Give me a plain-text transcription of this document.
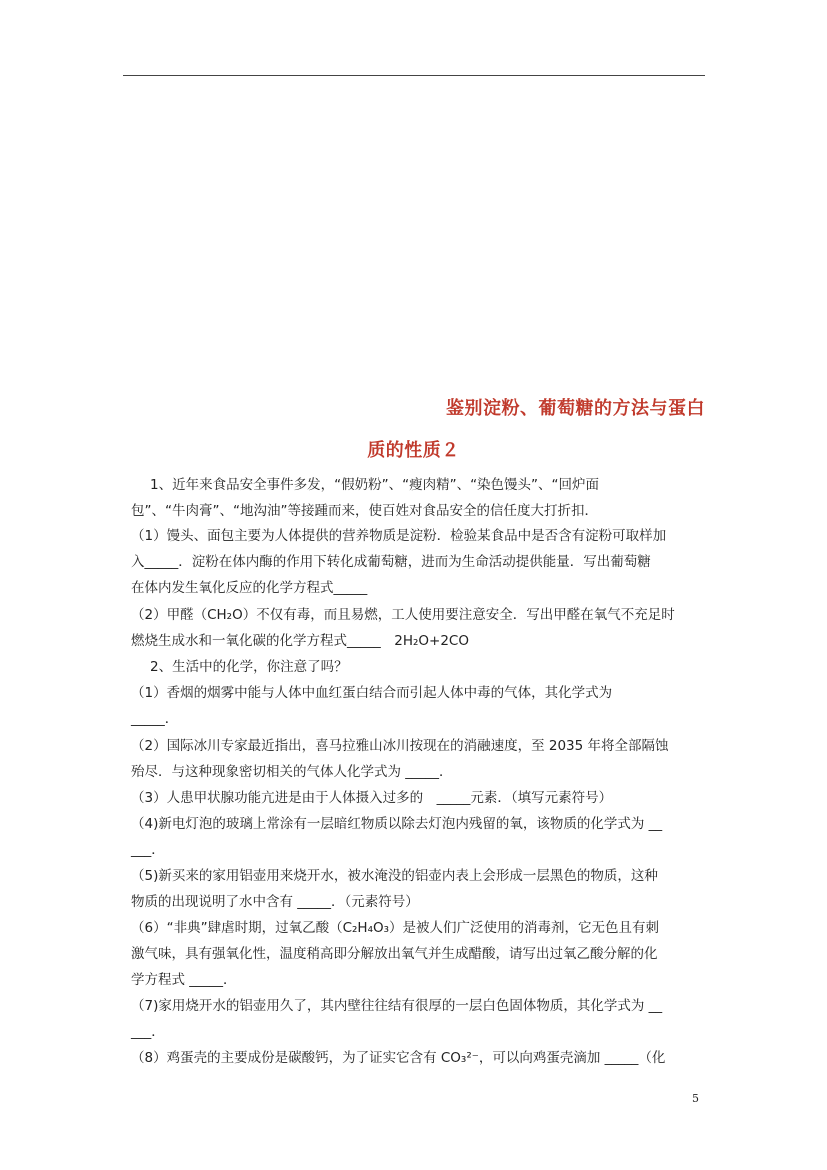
鉴别淀粉、葡萄糖的方法与蛋白
质的性质２
1、近年来食品安全事件多发，“假奶粉”、“瘦肉精”、“染色馒头”、“回炉面
包”、“牛肉膏”、“地沟油”等接踵而来，使百姓对食品安全的信任度大打折扣．
（1）馒头、面包主要为人体提供的营养物质是淀粉．检验某食品中是否含有淀粉可取样加
入_____．淀粉在体内酶的作用下转化成葡萄糖，进而为生命活动提供能量．写出葡萄糖
在体内发生氧化反应的化学方程式_____
（2）甲醛（CH₂O）不仅有毒，而且易燃，工人使用要注意安全．写出甲醛在氧气不充足时
燃烧生成水和一氧化碳的化学方程式_____　2H₂O+2CO
2、生活中的化学，你注意了吗？
（1）香烟的烟雾中能与人体中血红蛋白结合而引起人体中毒的气体，其化学式为
_____．
（2）国际冰川专家最近指出，喜马拉雅山冰川按现在的消融速度，至 2035 年将全部隔蚀
殆尽．与这种现象密切相关的气体人化学式为 _____．
（3）人患甲状腺功能亢进是由于人体摄入过多的　_____元素．（填写元素符号）
（4)新电灯泡的玻璃上常涂有一层暗红物质以除去灯泡内残留的氧，该物质的化学式为 __
___．
（5)新买来的家用铝壶用来烧开水，被水淹没的铝壶内表上会形成一层黑色的物质，这种
物质的出现说明了水中含有 _____．（元素符号）
（6）“非典”肆虐时期，过氧乙酸（C₂H₄O₃）是被人们广泛使用的消毒剂，它无色且有刺
激气味，具有强氧化性，温度稍高即分解放出氧气并生成醋酸，请写出过氧乙酸分解的化
学方程式 _____．
（7)家用烧开水的铝壶用久了，其内壁往往结有很厚的一层白色固体物质，其化学式为 __
___．
（8）鸡蛋壳的主要成份是碳酸钙，为了证实它含有 CO₃²⁻，可以向鸡蛋壳滴加 _____（化
5
